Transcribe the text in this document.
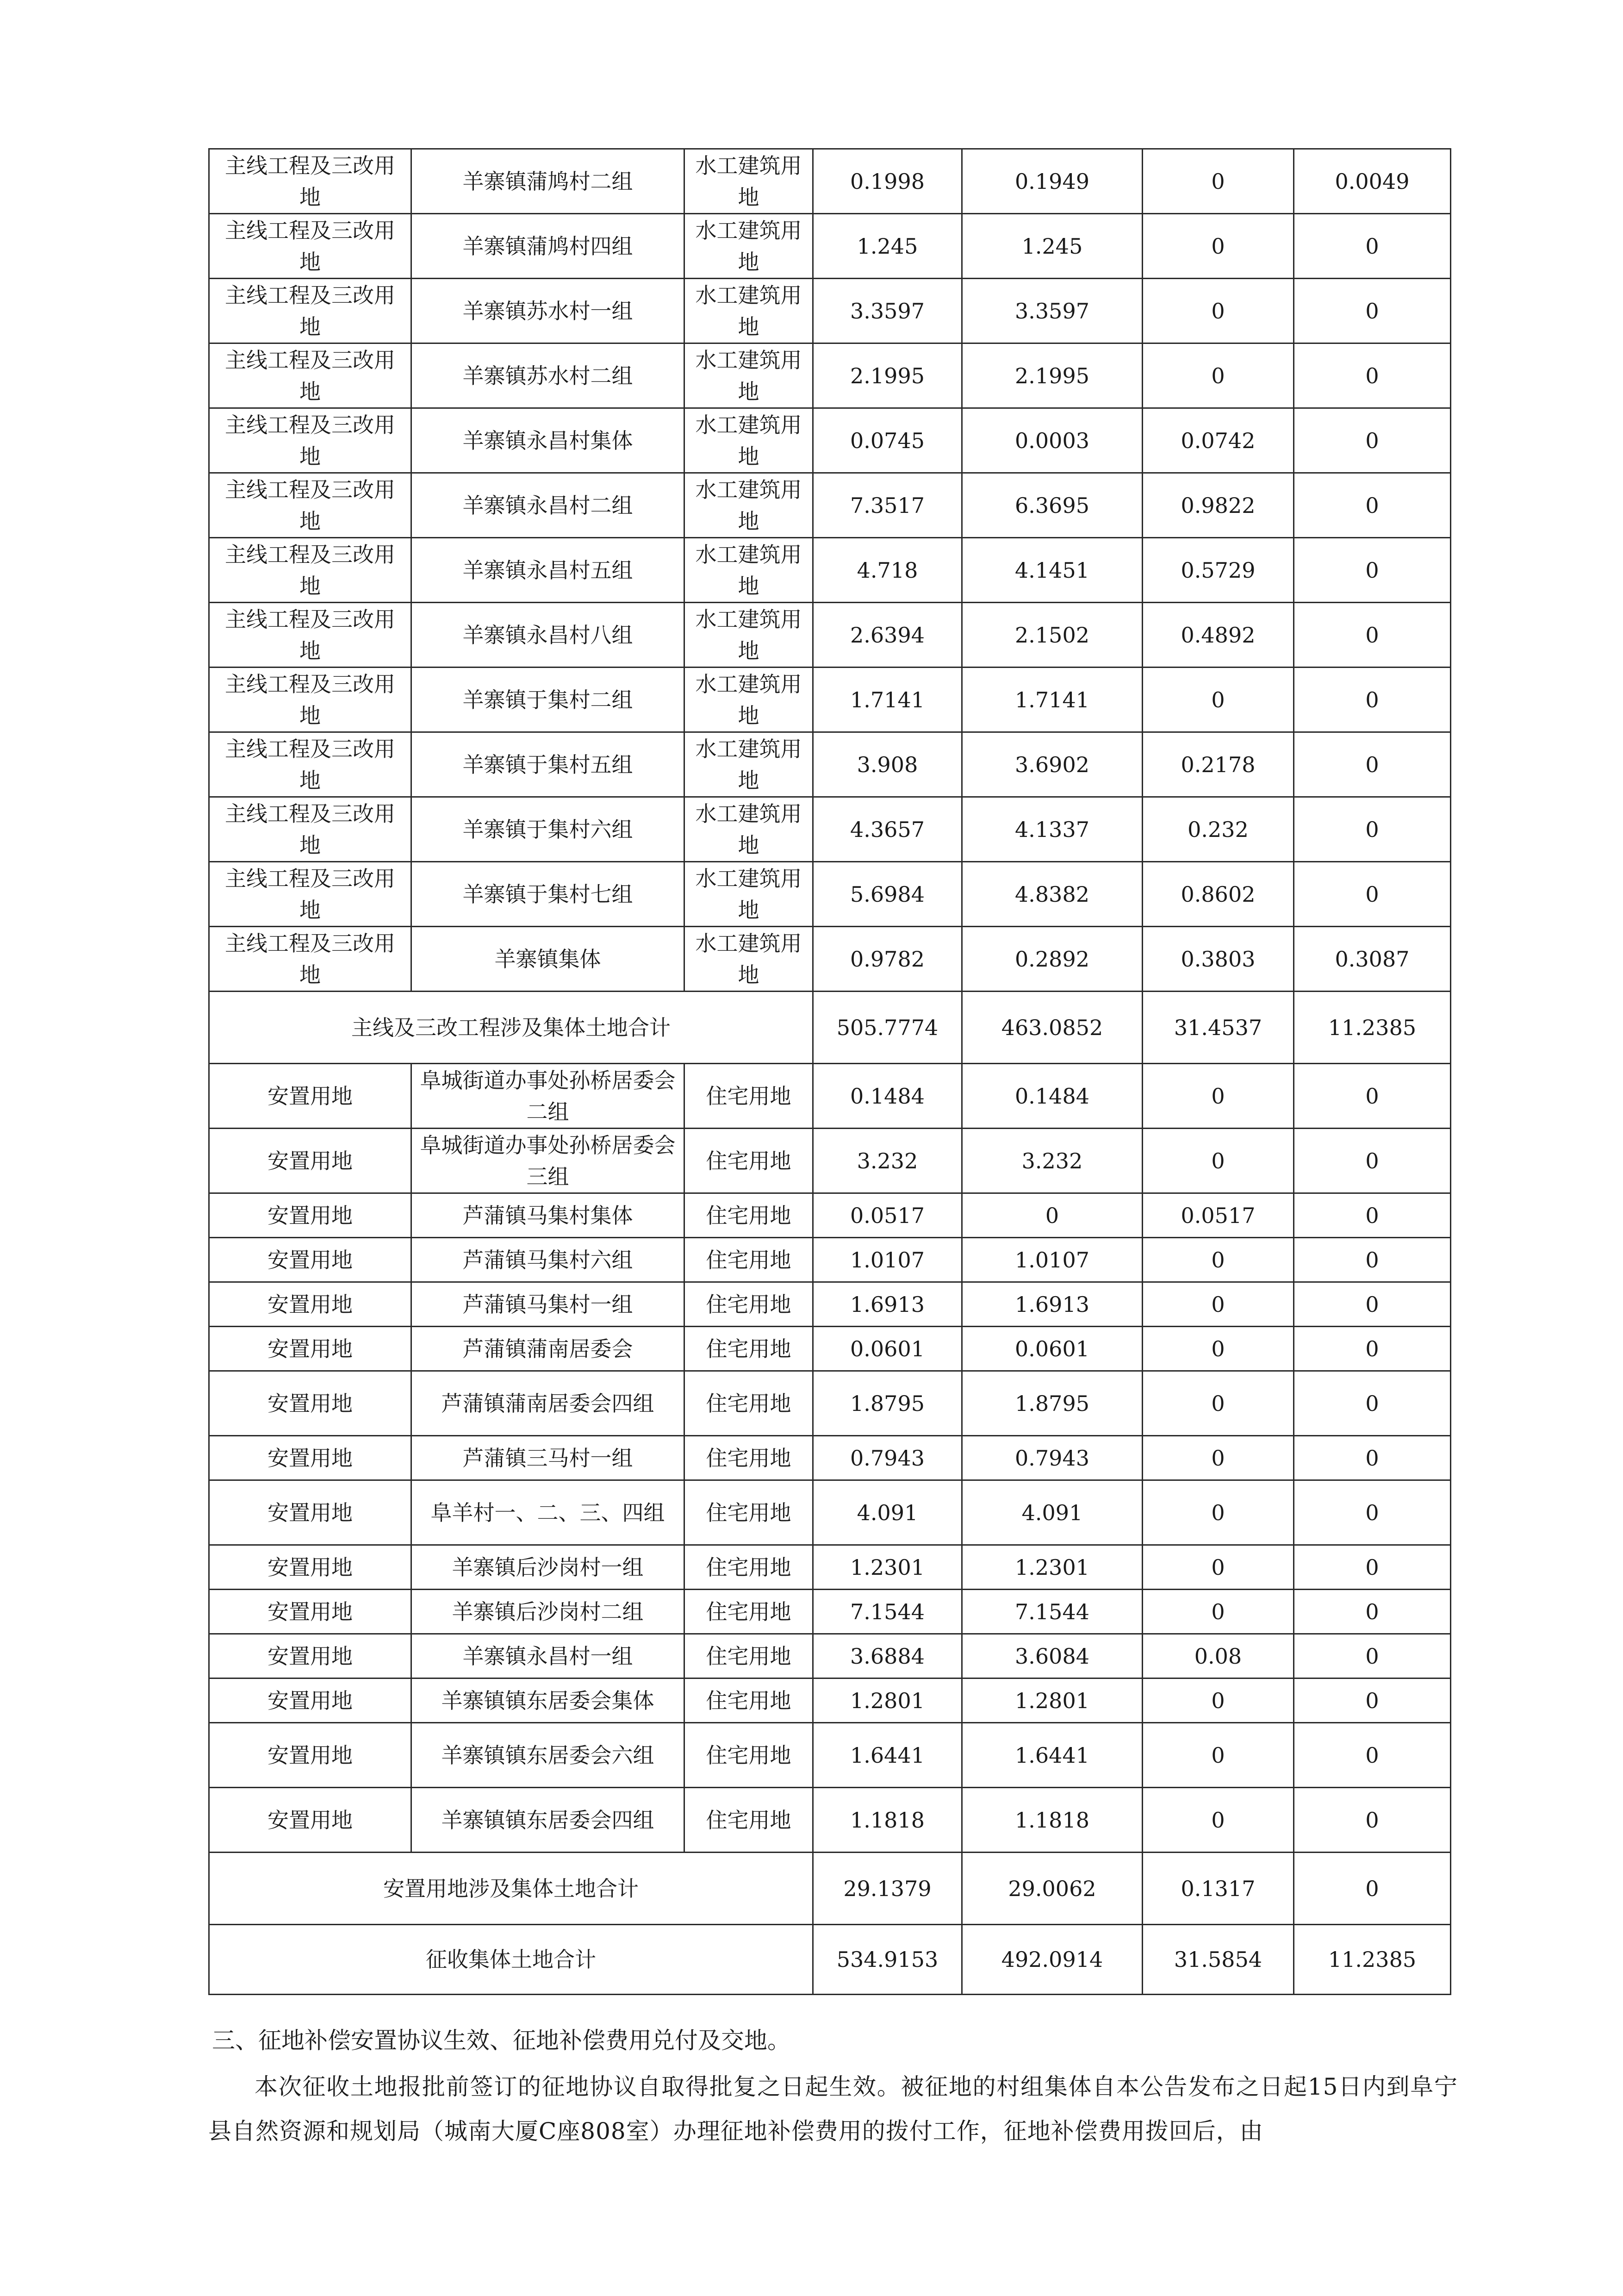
主线工程及三改用地	羊寨镇蒲鸠村二组	水工建筑用地	0.1998	0.1949	0	0.0049
主线工程及三改用地	羊寨镇蒲鸠村四组	水工建筑用地	1.245	1.245	0	0
主线工程及三改用地	羊寨镇苏水村一组	水工建筑用地	3.3597	3.3597	0	0
主线工程及三改用地	羊寨镇苏水村二组	水工建筑用地	2.1995	2.1995	0	0
主线工程及三改用地	羊寨镇永昌村集体	水工建筑用地	0.0745	0.0003	0.0742	0
主线工程及三改用地	羊寨镇永昌村二组	水工建筑用地	7.3517	6.3695	0.9822	0
主线工程及三改用地	羊寨镇永昌村五组	水工建筑用地	4.718	4.1451	0.5729	0
主线工程及三改用地	羊寨镇永昌村八组	水工建筑用地	2.6394	2.1502	0.4892	0
主线工程及三改用地	羊寨镇于集村二组	水工建筑用地	1.7141	1.7141	0	0
主线工程及三改用地	羊寨镇于集村五组	水工建筑用地	3.908	3.6902	0.2178	0
主线工程及三改用地	羊寨镇于集村六组	水工建筑用地	4.3657	4.1337	0.232	0
主线工程及三改用地	羊寨镇于集村七组	水工建筑用地	5.6984	4.8382	0.8602	0
主线工程及三改用地	羊寨镇集体	水工建筑用地	0.9782	0.2892	0.3803	0.3087
主线及三改工程涉及集体土地合计			505.7774	463.0852	31.4537	11.2385
安置用地	阜城街道办事处孙桥居委会二组	住宅用地	0.1484	0.1484	0	0
安置用地	阜城街道办事处孙桥居委会三组	住宅用地	3.232	3.232	0	0
安置用地	芦蒲镇马集村集体	住宅用地	0.0517	0	0.0517	0
安置用地	芦蒲镇马集村六组	住宅用地	1.0107	1.0107	0	0
安置用地	芦蒲镇马集村一组	住宅用地	1.6913	1.6913	0	0
安置用地	芦蒲镇蒲南居委会	住宅用地	0.0601	0.0601	0	0
安置用地	芦蒲镇蒲南居委会四组	住宅用地	1.8795	1.8795	0	0
安置用地	芦蒲镇三马村一组	住宅用地	0.7943	0.7943	0	0
安置用地	阜羊村一、二、三、四组	住宅用地	4.091	4.091	0	0
安置用地	羊寨镇后沙岗村一组	住宅用地	1.2301	1.2301	0	0
安置用地	羊寨镇后沙岗村二组	住宅用地	7.1544	7.1544	0	0
安置用地	羊寨镇永昌村一组	住宅用地	3.6884	3.6084	0.08	0
安置用地	羊寨镇镇东居委会集体	住宅用地	1.2801	1.2801	0	0
安置用地	羊寨镇镇东居委会六组	住宅用地	1.6441	1.6441	0	0
安置用地	羊寨镇镇东居委会四组	住宅用地	1.1818	1.1818	0	0
安置用地涉及集体土地合计			29.1379	29.0062	0.1317	0
征收集体土地合计			534.9153	492.0914	31.5854	11.2385
三、征地补偿安置协议生效、征地补偿费用兑付及交地。
本次征收土地报批前签订的征地协议自取得批复之日起生效。被征地的村组集体自本公告发布之日起15日内到阜宁县自然资源和规划局（城南大厦C座808室）办理征地补偿费用的拨付工作，征地补偿费用拨回后，由
